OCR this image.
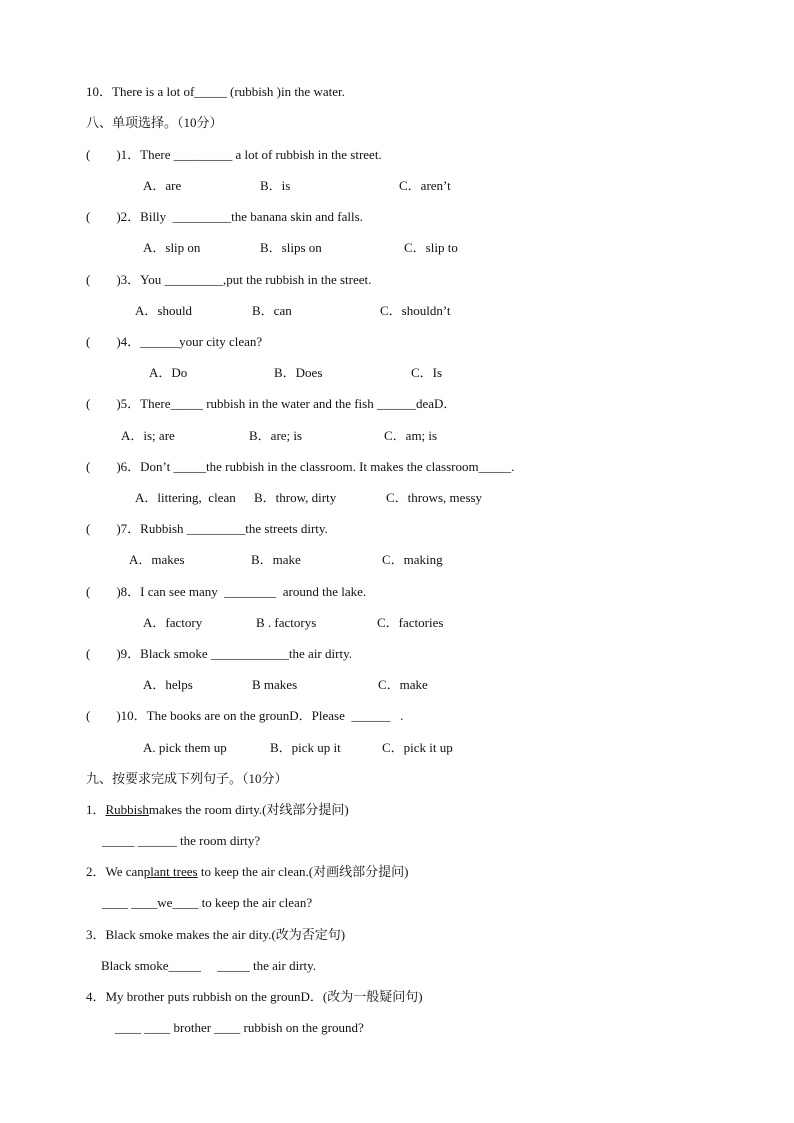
10．There is a lot of_____ (rubbish )in the water.
八、单项选择。（10分）
(        )1．There _________ a lot of rubbish in the street.
A．are	B．is	C．aren’t
(        )2．Billy  _________the banana skin and falls.
A．slip on	B．slips on	C．slip to
(        )3．You _________,put the rubbish in the street.
A．should	B．can	C．shouldn’t
(        )4．______your city clean?
A．Do	B．Does	C．Is
(        )5．There_____ rubbish in the water and the fish ______deaD．
A．is; are	B．are; is	C．am; is
(        )6．Don’t _____the rubbish in the classroom. It makes the classroom_____.
A．littering,  clean B．throw, dirty	C．throws, messy
(        )7．Rubbish _________the streets dirty.
A．makes	B．make	C．making
(        )8．I can see many  ________  around the lake.
A．factory	B . factorys	C．factories
(        )9．Black smoke ____________the air dirty.
A．helps	B makes	C．make
(        )10．The books are on the grounD．Please  ______   .
A. pick them up	B．pick up it	C．pick it up
九、按要求完成下列句子。（10分）
1．Rubbishmakes the room dirty.(对线部分提问)
_____ ______ the room dirty?
2．We canplant trees to keep the air clean.(对画线部分提问)
____ ____we____ to keep the air clean?
3．Black smoke makes the air dity.(改为否定句)
Black smoke_____     _____ the air dirty.
4．My brother puts rubbish on the grounD．(改为一般疑问句)
____ ____ brother ____ rubbish on the ground?
